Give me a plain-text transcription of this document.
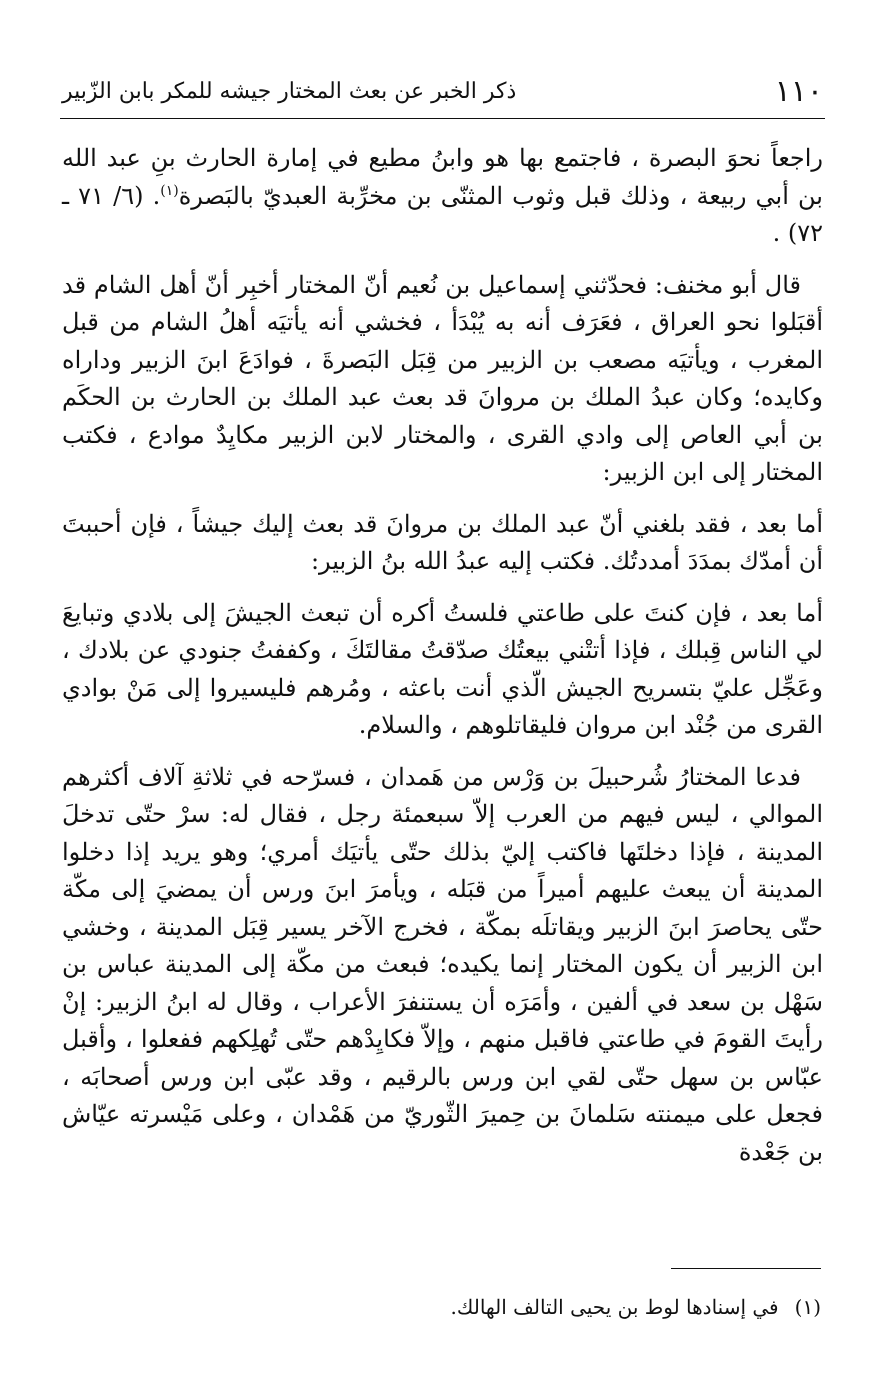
١١٠
ذكر الخبر عن بعث المختار جيشه للمكر بابن الزّبير

راجعاً نحوَ البصرة ، فاجتمع بها هو وابنُ مطيع في إمارة الحارث بنِ عبد الله بن أبي ربيعة ، وذلك قبل وثوب المثنّى بن مخرِّبة العبديّ بالبَصرة$^{(١)}$. (٦/ ٧١ ـ ٧٢) .

قال أبو مخنف: فحدّثني إسماعيل بن نُعيم أنّ المختار أخبِر أنّ أهل الشام قد أقبَلوا نحو العراق ، فعَرَف أنه به يُبْدَأ ، فخشي أنه يأتيَه أهلُ الشام من قبل المغرب ، ويأتيَه مصعب بن الزبير من قِبَل البَصرةَ ، فوادَعَ ابنَ الزبير وداراه وكايده؛ وكان عبدُ الملك بن مروانَ قد بعث عبد الملك بن الحارث بن الحكَم بن أبي العاص إلى وادي القرى ، والمختار لابن الزبير مكايِدٌ موادع ، فكتب المختار إلى ابن الزبير:

أما بعد ، فقد بلغني أنّ عبد الملك بن مروانَ قد بعث إليك جيشاً ، فإن أحببتَ أن أمدّك بمدَدَ أمددتُك. فكتب إليه عبدُ الله بنُ الزبير:

أما بعد ، فإن كنتَ على طاعتي فلستُ أكره أن تبعث الجيشَ إلى بلادي وتبايعَ لي الناس قِبلك ، فإذا أتتْني بيعتُك صدّقتُ مقالتَكَ ، وكففتُ جنودي عن بلادك ، وعَجِّل عليّ بتسريح الجيش الّذي أنت باعثه ، ومُرهم فليسيروا إلى مَنْ بوادي القرى من جُنْد ابن مروان فليقاتلوهم ، والسلام.

فدعا المختارُ شُرحبيلَ بن وَرْس من هَمدان ، فسرّحه في ثلاثةِ آلاف أكثرهم الموالي ، ليس فيهم من العرب إلاّ سبعمئة رجل ، فقال له: سرْ حتّى تدخلَ المدينة ، فإذا دخلتَها فاكتب إليّ بذلك حتّى يأتيَك أمري؛ وهو يريد إذا دخلوا المدينة أن يبعث عليهم أميراً من قبَله ، ويأمرَ ابنَ ورس أن يمضيَ إلى مكّة حتّى يحاصرَ ابنَ الزبير ويقاتلَه بمكّة ، فخرج الآخر يسير قِبَل المدينة ، وخشي ابن الزبير أن يكون المختار إنما يكيده؛ فبعث من مكّة إلى المدينة عباس بن سَهْل بن سعد في ألفين ، وأمَرَه أن يستنفرَ الأعراب ، وقال له ابنُ الزبير: إنْ رأيتَ القومَ في طاعتي فاقبل منهم ، وإلاّ فكايِدْهم حتّى تُهلِكهم ففعلوا ، وأقبل عبّاس بن سهل حتّى لقي ابن ورس بالرقيم ، وقد عبّى ابن ورس أصحابَه ، فجعل على ميمنته سَلمانَ بن حِميرَ الثّوريّ من هَمْدان ، وعلى مَيْسرته عيّاش بن جَعْدة

(١)
في إسنادها لوط بن يحيى التالف الهالك.
